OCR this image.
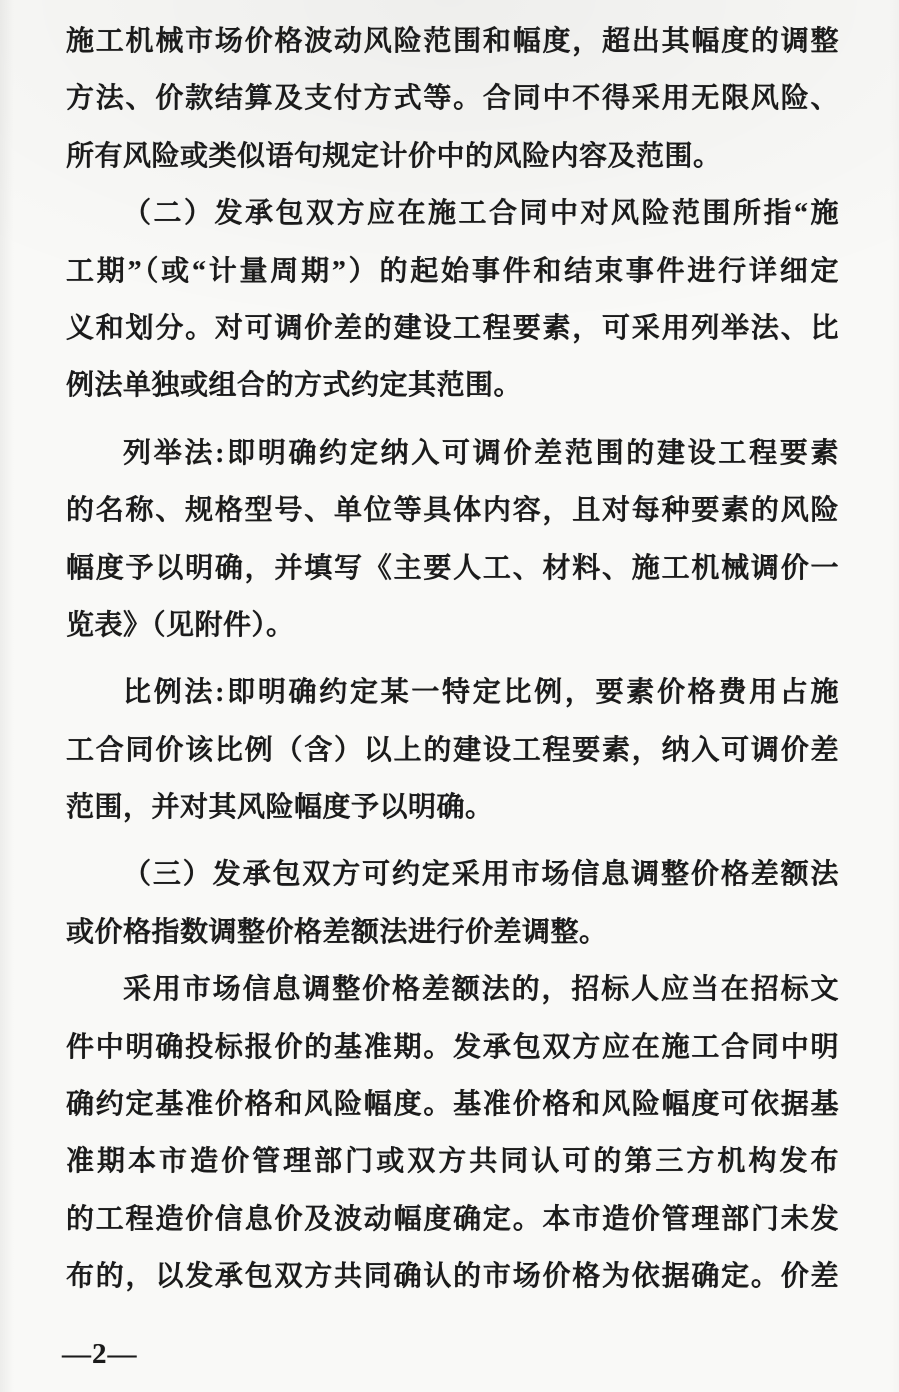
施工机械市场价格波动风险范围和幅度，超出其幅度的调整
方法、价款结算及支付方式等。合同中不得采用无限风险、
所有风险或类似语句规定计价中的风险内容及范围。
（二）发承包双方应在施工合同中对风险范围所指“施
工期”（或“计量周期”）的起始事件和结束事件进行详细定
义和划分。对可调价差的建设工程要素，可采用列举法、比
例法单独或组合的方式约定其范围。
列举法:即明确约定纳入可调价差范围的建设工程要素
的名称、规格型号、单位等具体内容，且对每种要素的风险
幅度予以明确，并填写《主要人工、材料、施工机械调价一
览表》（见附件）。
比例法:即明确约定某一特定比例，要素价格费用占施
工合同价该比例（含）以上的建设工程要素，纳入可调价差
范围，并对其风险幅度予以明确。
（三）发承包双方可约定采用市场信息调整价格差额法
或价格指数调整价格差额法进行价差调整。
采用市场信息调整价格差额法的，招标人应当在招标文
件中明确投标报价的基准期。发承包双方应在施工合同中明
确约定基准价格和风险幅度。基准价格和风险幅度可依据基
准期本市造价管理部门或双方共同认可的第三方机构发布
的工程造价信息价及波动幅度确定。本市造价管理部门未发
布的，以发承包双方共同确认的市场价格为依据确定。价差
—2—
